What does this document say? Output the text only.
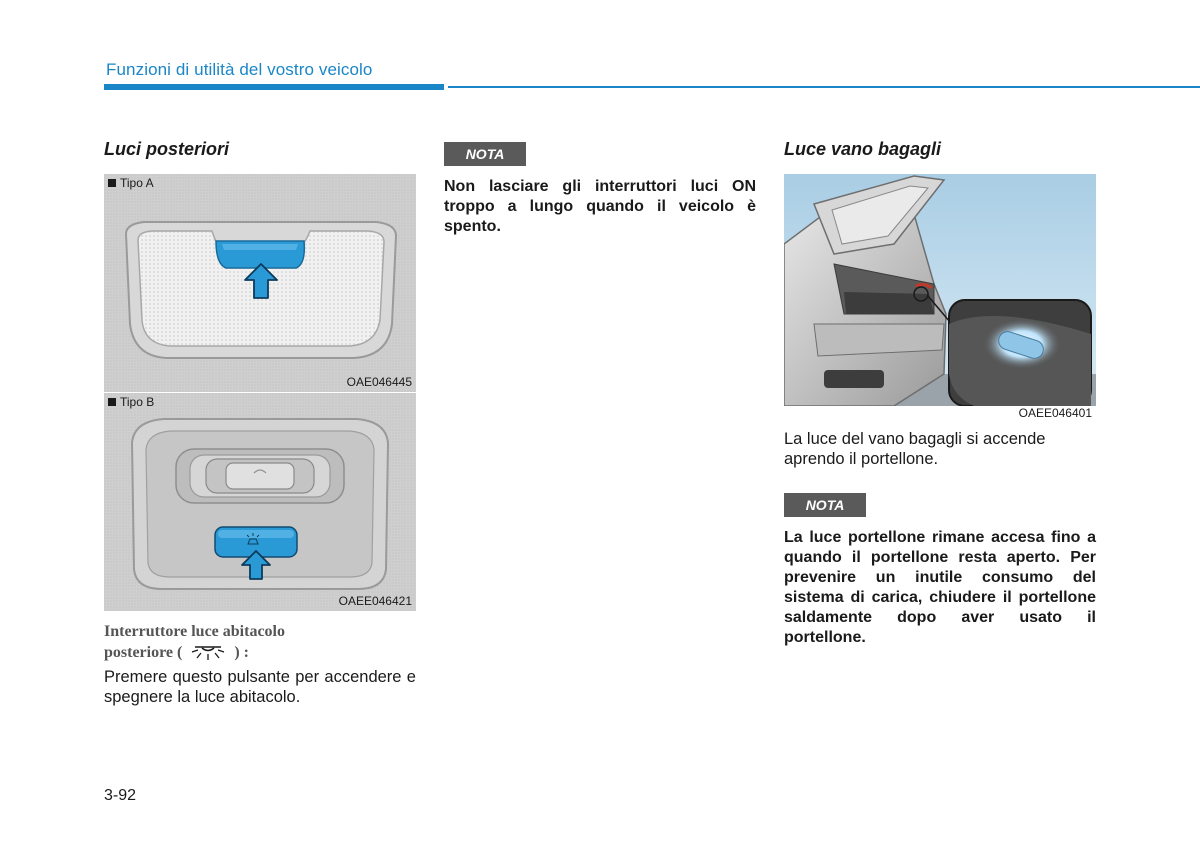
Funzioni di utilità del vostro veicolo
Luci posteriori
Tipo A
OAE046445
Tipo B
OAEE046421
Interruttore luce abitacolo
posteriore (	) :
Premere questo pulsante per accendere e spegnere la luce abitacolo.
NOTA
Non lasciare gli interruttori luci ON troppo a lungo quando il veicolo è spento.
Luce vano bagagli
OAEE046401
La luce del vano bagagli si accende aprendo il portellone.
NOTA
La luce portellone rimane accesa fino a quando il portellone resta aperto. Per prevenire un inutile consumo del sistema di carica, chiudere il portellone saldamente dopo aver usato il portellone.
3-92
